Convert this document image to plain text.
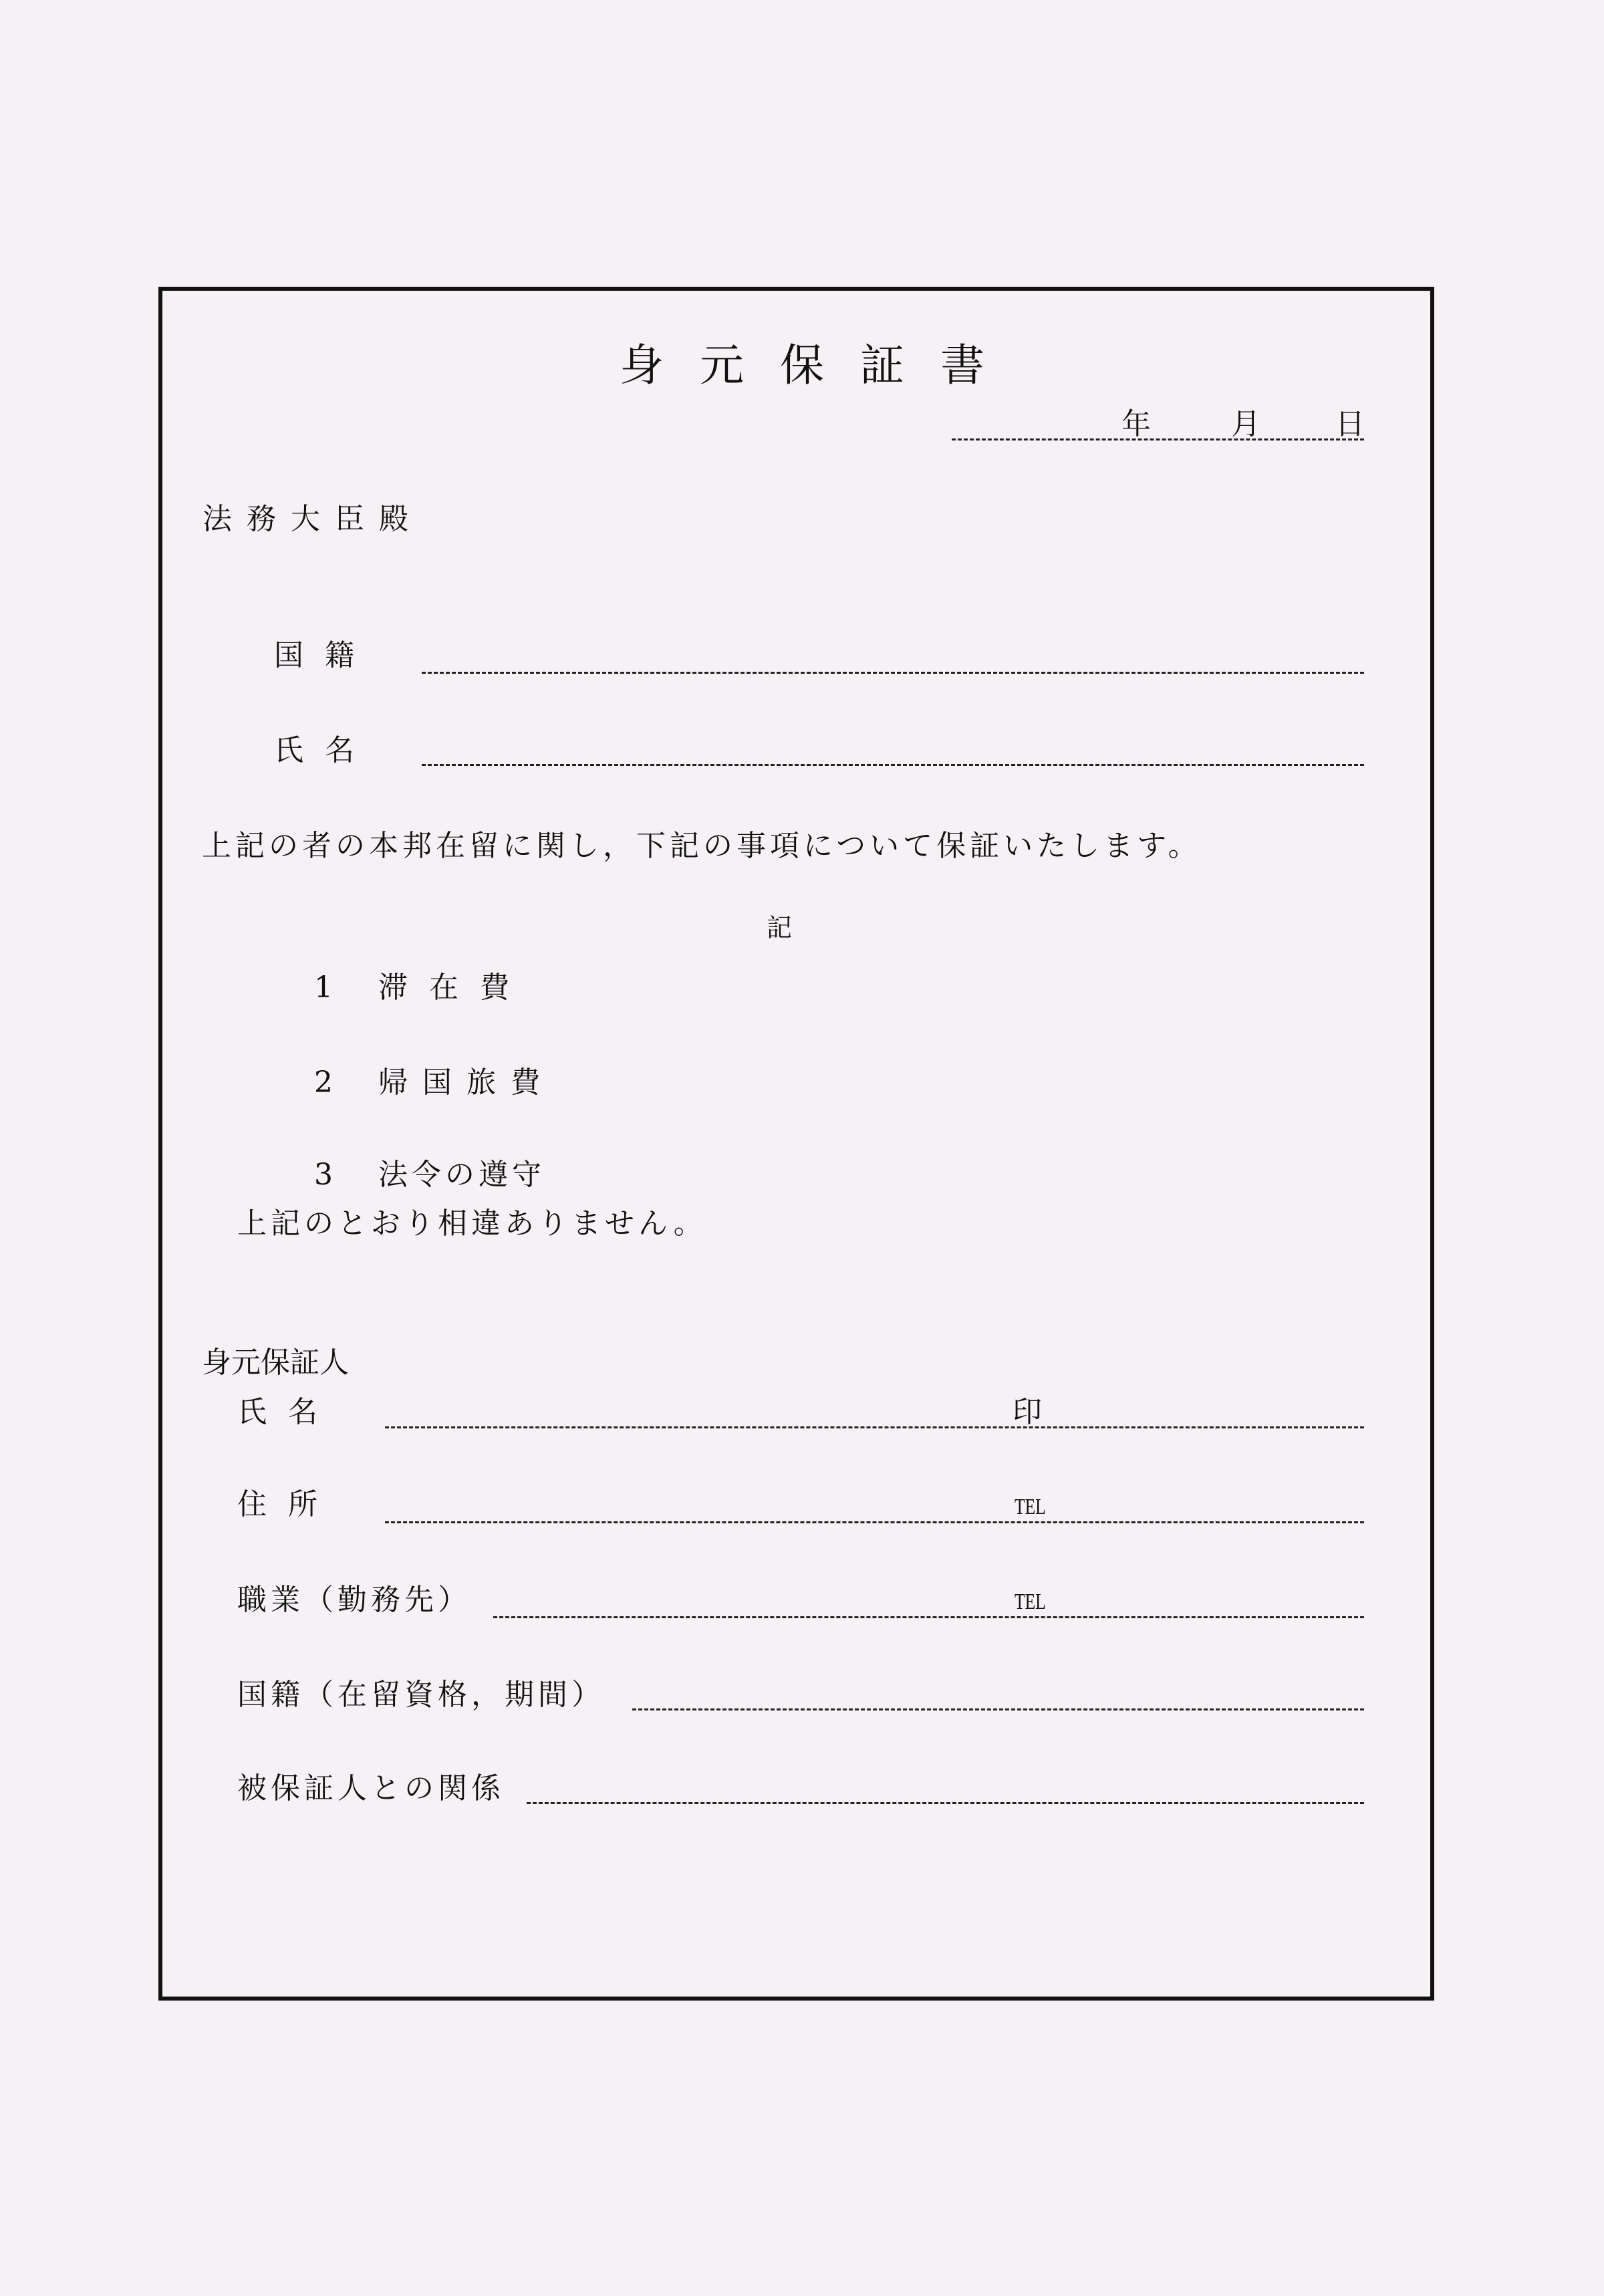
身元保証書
年	月	日
法務大臣殿
国籍
氏名
上記の者の本邦在留に関し，下記の事項について保証いたします。
記
1 滞在費
2 帰国旅費
3 法令の遵守
上記のとおり相違ありません。
身元保証人
氏名	印
住所	TEL
職業（勤務先）	TEL
国籍（在留資格，期間）
被保証人との関係
